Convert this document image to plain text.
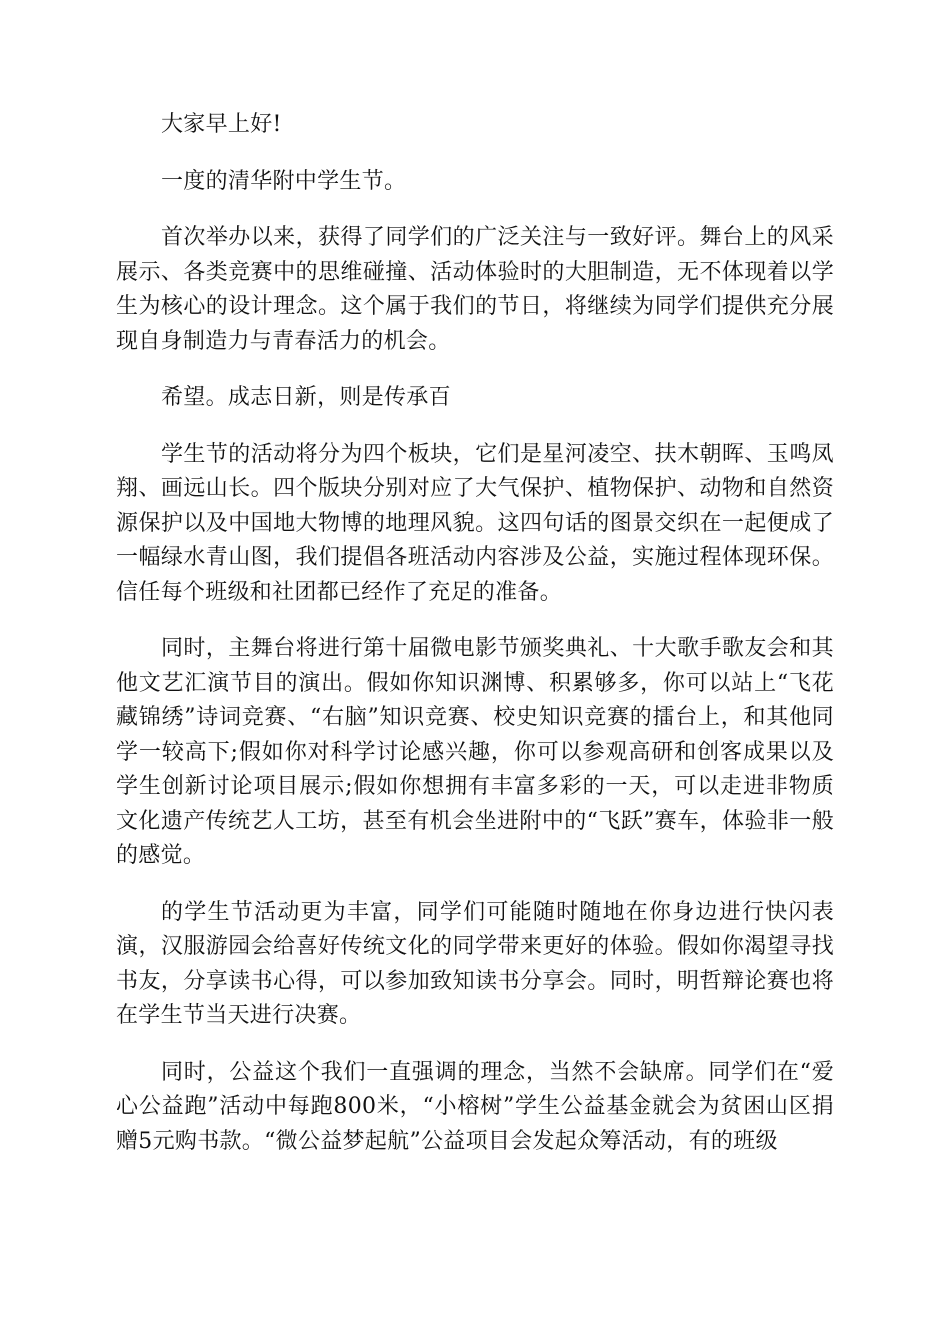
大家早上好!

一度的清华附中学生节。

首次举办以来，获得了同学们的广泛关注与一致好评。舞台上的风采展示、各类竞赛中的思维碰撞、活动体验时的大胆制造，无不体现着以学生为核心的设计理念。这个属于我们的节日，将继续为同学们提供充分展现自身制造力与青春活力的机会。

希望。成志日新，则是传承百

学生节的活动将分为四个板块，它们是星河凌空、扶木朝晖、玉鸣凤翔、画远山长。四个版块分别对应了大气保护、植物保护、动物和自然资源保护以及中国地大物博的地理风貌。这四句话的图景交织在一起便成了一幅绿水青山图，我们提倡各班活动内容涉及公益，实施过程体现环保。信任每个班级和社团都已经作了充足的准备。

同时，主舞台将进行第十届微电影节颁奖典礼、十大歌手歌友会和其他文艺汇演节目的演出。假如你知识渊博、积累够多，你可以站上“飞花藏锦绣”诗词竞赛、“右脑”知识竞赛、校史知识竞赛的擂台上，和其他同学一较高下;假如你对科学讨论感兴趣，你可以参观高研和创客成果以及学生创新讨论项目展示;假如你想拥有丰富多彩的一天，可以走进非物质文化遗产传统艺人工坊，甚至有机会坐进附中的“飞跃”赛车，体验非一般的感觉。

的学生节活动更为丰富，同学们可能随时随地在你身边进行快闪表演，汉服游园会给喜好传统文化的同学带来更好的体验。假如你渴望寻找书友，分享读书心得，可以参加致知读书分享会。同时，明哲辩论赛也将在学生节当天进行决赛。

同时，公益这个我们一直强调的理念，当然不会缺席。同学们在“爱心公益跑”活动中每跑800米，“小榕树”学生公益基金就会为贫困山区捐赠5元购书款。“微公益梦起航”公益项目会发起众筹活动，有的班级
